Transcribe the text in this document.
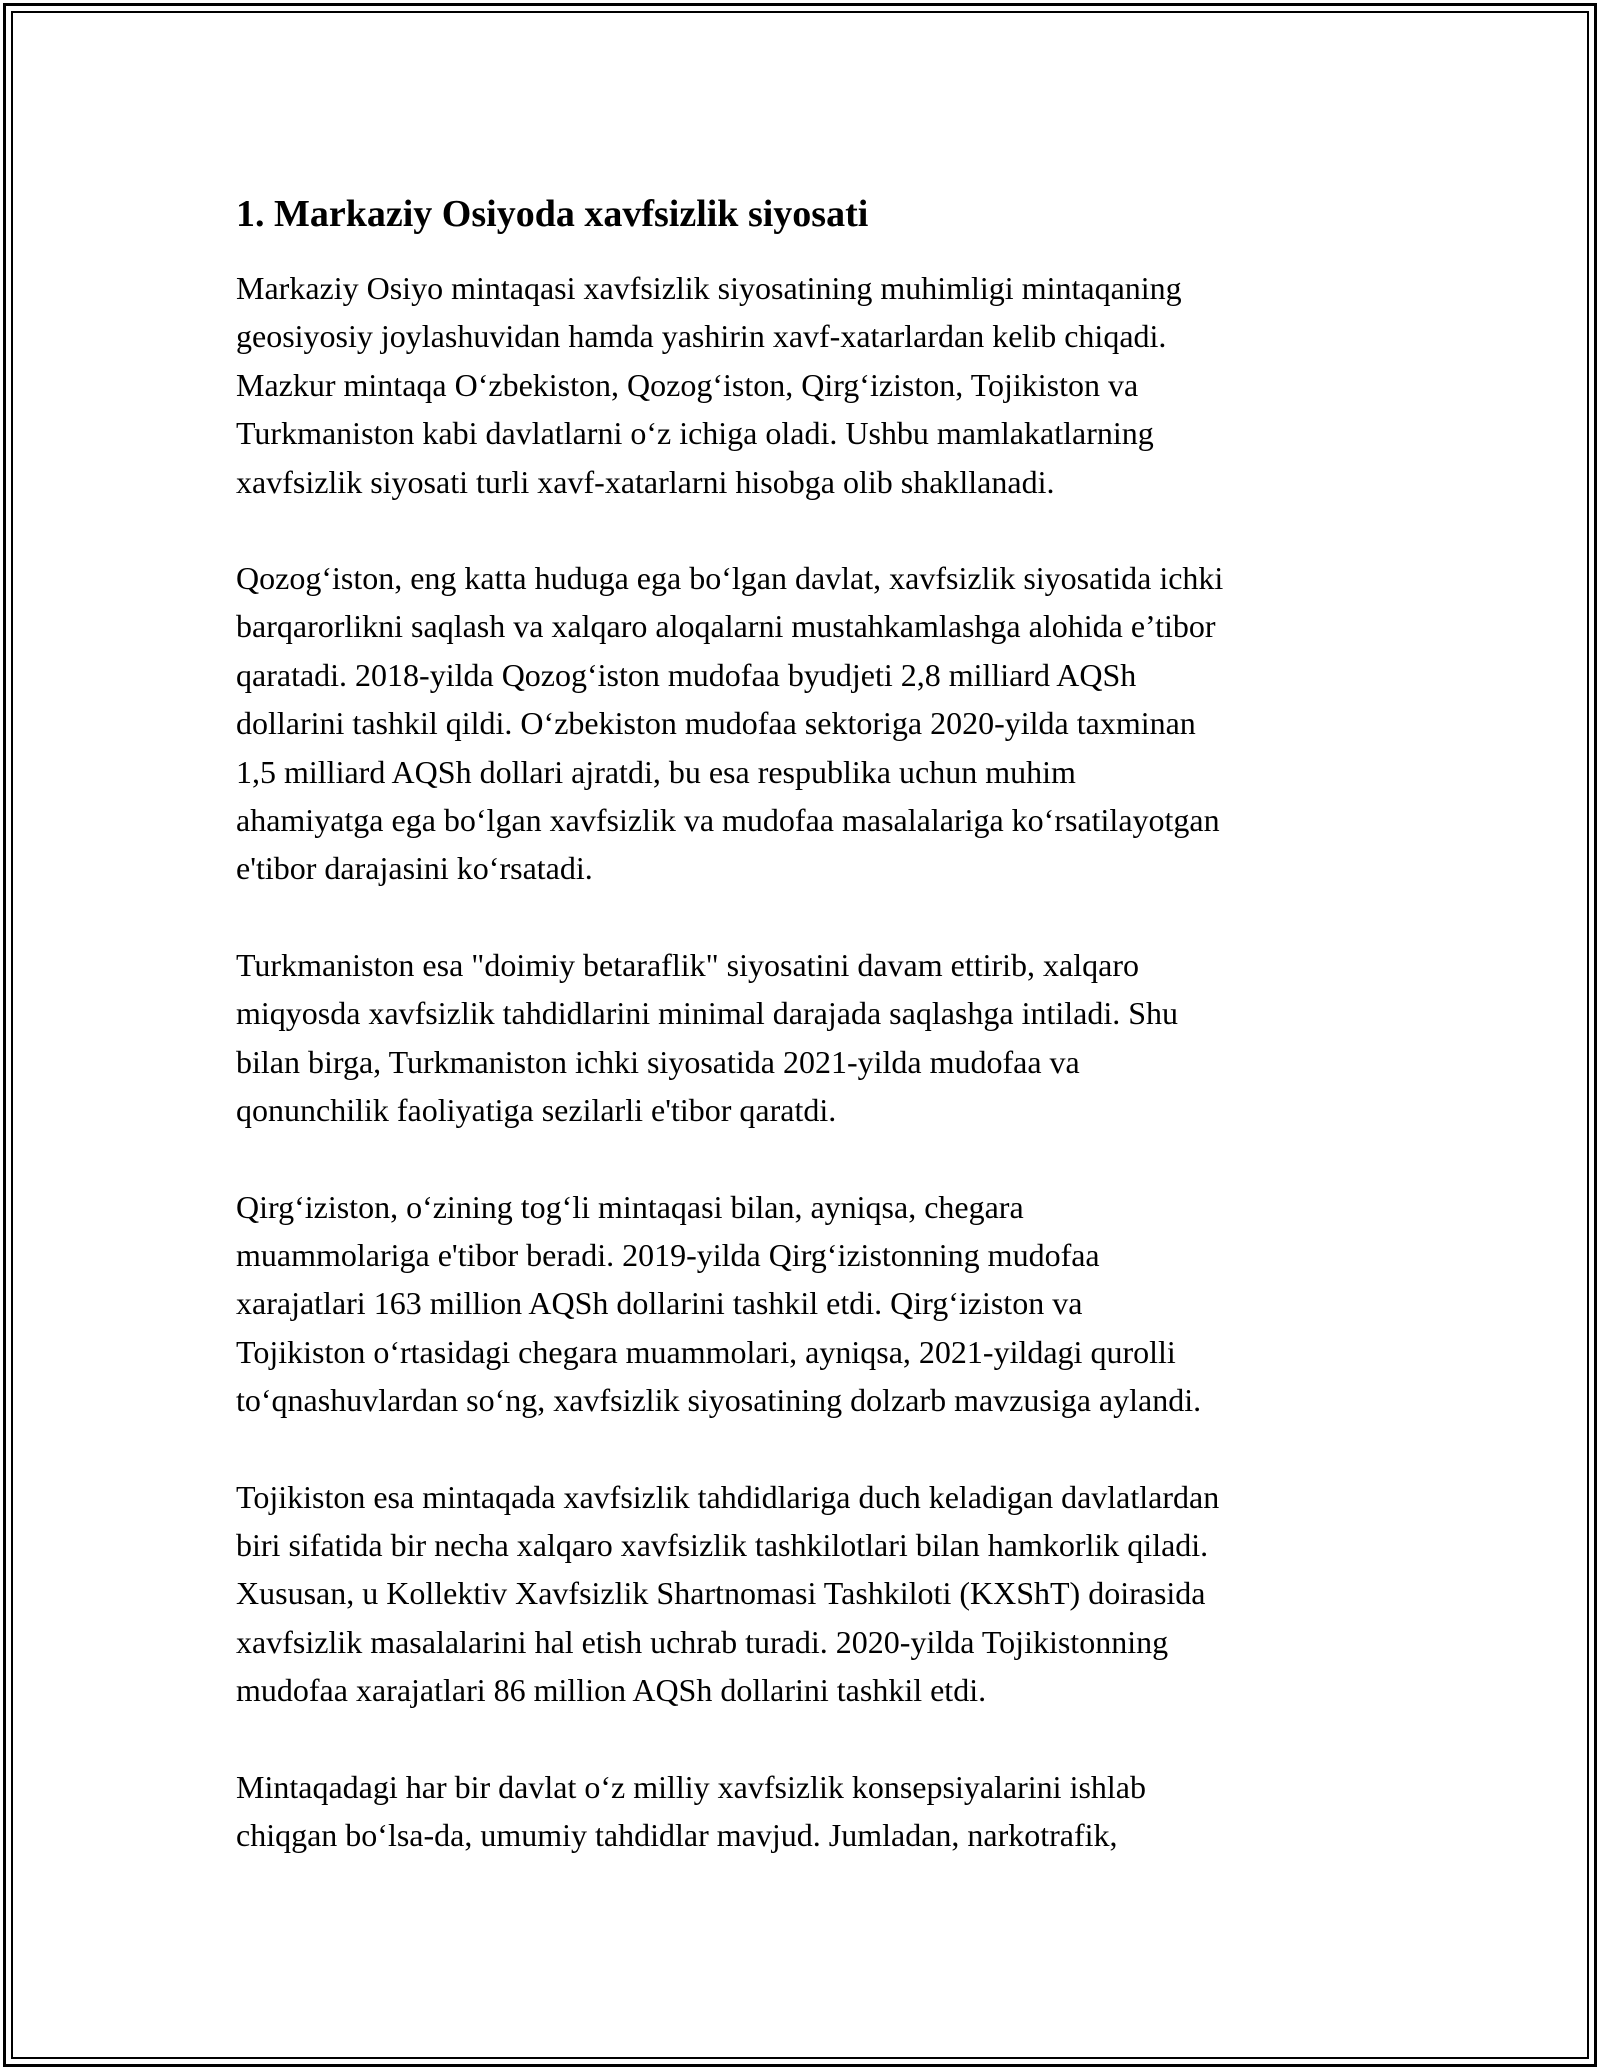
1. Markaziy Osiyoda xavfsizlik siyosati

Markaziy Osiyo mintaqasi xavfsizlik siyosatining muhimligi mintaqaning
geosiyosiy joylashuvidan hamda yashirin xavf-xatarlardan kelib chiqadi.
Mazkur mintaqa O‘zbekiston, Qozog‘iston, Qirg‘iziston, Tojikiston va
Turkmaniston kabi davlatlarni o‘z ichiga oladi. Ushbu mamlakatlarning
xavfsizlik siyosati turli xavf-xatarlarni hisobga olib shakllanadi.

Qozog‘iston, eng katta huduga ega bo‘lgan davlat, xavfsizlik siyosatida ichki
barqarorlikni saqlash va xalqaro aloqalarni mustahkamlashga alohida e’tibor
qaratadi. 2018-yilda Qozog‘iston mudofaa byudjeti 2,8 milliard AQSh
dollarini tashkil qildi. O‘zbekiston mudofaa sektoriga 2020-yilda taxminan
1,5 milliard AQSh dollari ajratdi, bu esa respublika uchun muhim
ahamiyatga ega bo‘lgan xavfsizlik va mudofaa masalalariga ko‘rsatilayotgan
e'tibor darajasini ko‘rsatadi.

Turkmaniston esa "doimiy betaraflik" siyosatini davam ettirib, xalqaro
miqyosda xavfsizlik tahdidlarini minimal darajada saqlashga intiladi. Shu
bilan birga, Turkmaniston ichki siyosatida 2021-yilda mudofaa va
qonunchilik faoliyatiga sezilarli e'tibor qaratdi.

Qirg‘iziston, o‘zining tog‘li mintaqasi bilan, ayniqsa, chegara
muammolariga e'tibor beradi. 2019-yilda Qirg‘izistonning mudofaa
xarajatlari 163 million AQSh dollarini tashkil etdi. Qirg‘iziston va
Tojikiston o‘rtasidagi chegara muammolari, ayniqsa, 2021-yildagi qurolli
to‘qnashuvlardan so‘ng, xavfsizlik siyosatining dolzarb mavzusiga aylandi.

Tojikiston esa mintaqada xavfsizlik tahdidlariga duch keladigan davlatlardan
biri sifatida bir necha xalqaro xavfsizlik tashkilotlari bilan hamkorlik qiladi.
Xususan, u Kollektiv Xavfsizlik Shartnomasi Tashkiloti (KXShT) doirasida
xavfsizlik masalalarini hal etish uchrab turadi. 2020-yilda Tojikistonning
mudofaa xarajatlari 86 million AQSh dollarini tashkil etdi.

Mintaqadagi har bir davlat o‘z milliy xavfsizlik konsepsiyalarini ishlab
chiqgan bo‘lsa-da, umumiy tahdidlar mavjud. Jumladan, narkotrafik,
